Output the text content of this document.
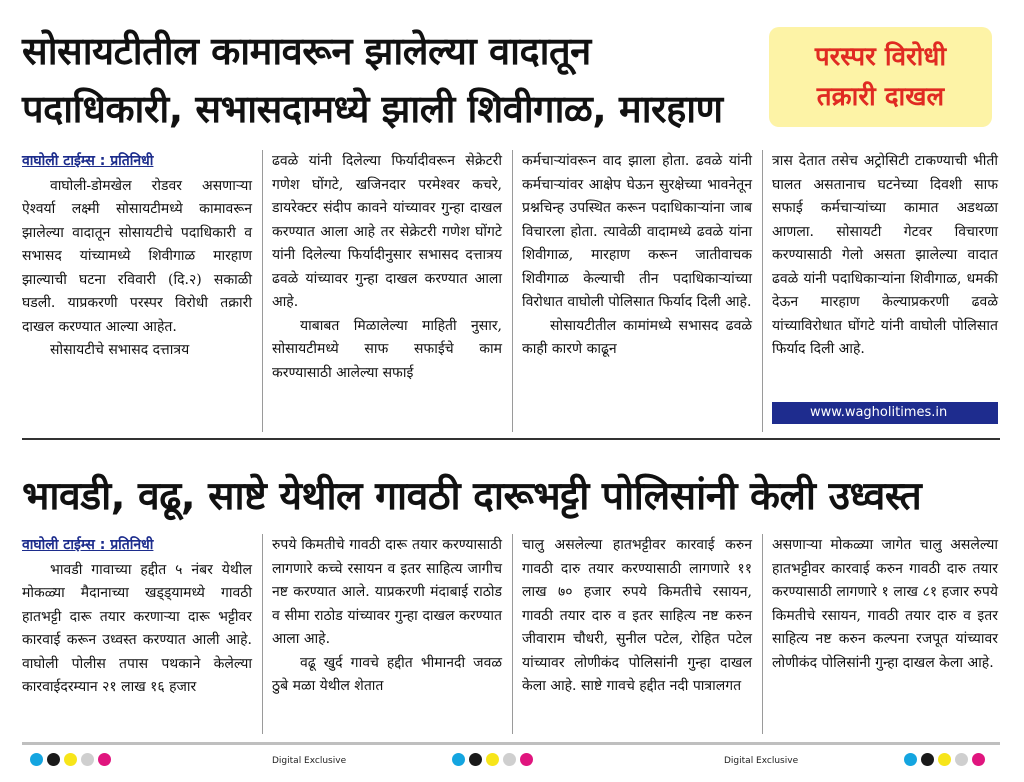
सोसायटीतील कामावरून झालेल्या वादातून
पदाधिकारी, सभासदामध्ये झाली शिवीगाळ, मारहाण
परस्पर विरोधी
तक्रारी दाखल
वाघोली टाईम्स : प्रतिनिधी

वाघोली-डोमखेल रोडवर असणाऱ्या ऐश्वर्या लक्ष्मी सोसायटीमध्ये कामावरून झालेल्या वादातून सोसायटीचे पदाधिकारी व सभासद यांच्यामध्ये शिवीगाळ मारहाण झाल्याची घटना रविवारी (दि.२) सकाळी घडली. याप्रकरणी परस्पर विरोधी तक्रारी दाखल करण्यात आल्या आहेत.

सोसायटीचे सभासद दत्तात्रय

ढवळे यांनी दिलेल्या फिर्यादीवरून सेक्रेटरी गणेश घोंगटे, खजिनदार परमेश्वर कचरे, डायरेक्टर संदीप कावने यांच्यावर गुन्हा दाखल करण्यात आला आहे तर सेक्रेटरी गणेश घोंगटे यांनी दिलेल्या फिर्यादीनुसार सभासद दत्तात्रय ढवळे यांच्यावर गुन्हा दाखल करण्यात आला आहे.

याबाबत मिळालेल्या माहिती नुसार, सोसायटीमध्ये साफ सफाईचे काम करण्यासाठी आलेल्या सफाई

कर्मचाऱ्यांवरून वाद झाला होता. ढवळे यांनी कर्मचाऱ्यांवर आक्षेप घेऊन सुरक्षेच्या भावनेतून प्रश्नचिन्ह उपस्थित करून पदाधिकाऱ्यांना जाब विचारला होता. त्यावेळी वादामध्ये ढवळे यांना शिवीगाळ, मारहाण करून जातीवाचक शिवीगाळ केल्याची तीन पदाधिकाऱ्यांच्या विरोधात वाघोली पोलिसात फिर्याद दिली आहे.

सोसायटीतील कामांमध्ये सभासद ढवळे काही कारणे काढून

त्रास देतात तसेच अट्रोसिटी टाकण्याची भीती घालत असतानाच घटनेच्या दिवशी साफ सफाई कर्मचाऱ्यांच्या कामात अडथळा आणला. सोसायटी गेटवर विचारणा करण्यासाठी गेलो असता झालेल्या वादात ढवळे यांनी पदाधिकाऱ्यांना शिवीगाळ, धमकी देऊन मारहाण केल्याप्रकरणी ढवळे यांच्याविरोधात घोंगटे यांनी वाघोली पोलिसात फिर्याद दिली आहे.

www.wagholitimes.in
भावडी, वढू, साष्टे येथील गावठी दारूभट्टी पोलिसांनी केली उध्वस्त
वाघोली टाईम्स : प्रतिनिधी

भावडी गावाच्या हद्दीत ५ नंबर येथील मोकळ्या मैदानाच्या खड्ड्यामध्ये गावठी हातभट्टी दारू तयार करणाऱ्या दारू भट्टीवर कारवाई करून उध्वस्त करण्यात आली आहे. वाघोली पोलीस तपास पथकाने केलेल्या कारवाईदरम्यान २१ लाख १६ हजार

रुपये किमतीचे गावठी दारू तयार करण्यासाठी लागणारे कच्चे रसायन व इतर साहित्य जागीच नष्ट करण्यात आले. याप्रकरणी मंदाबाई राठोड व सीमा राठोड यांच्यावर गुन्हा दाखल करण्यात आला आहे.

वढू खुर्द गावचे हद्दीत भीमानदी जवळ ठुबे मळा येथील शेतात

चालु असलेल्या हातभट्टीवर कारवाई करुन गावठी दारु तयार करण्यासाठी लागणारे ११ लाख ७० हजार रुपये किमतीचे रसायन, गावठी तयार दारु व इतर साहित्य नष्ट करुन जीवाराम चौधरी, सुनील पटेल, रोहित पटेल यांच्यावर लोणीकंद पोलिसांनी गुन्हा दाखल केला आहे. साष्टे गावचे हद्दीत नदी पात्रालगत

असणाऱ्या मोकळ्या जागेत चालु असलेल्या हातभट्टीवर कारवाई करुन गावठी दारु तयार करण्यासाठी लागणारे १ लाख ८१ हजार रुपये किमतीचे रसायन, गावठी तयार दारु व इतर साहित्य नष्ट करुन कल्पना रजपूत यांच्यावर लोणीकंद पोलिसांनी गुन्हा दाखल केला आहे.

Digital Exclusive	Digital Exclusive
